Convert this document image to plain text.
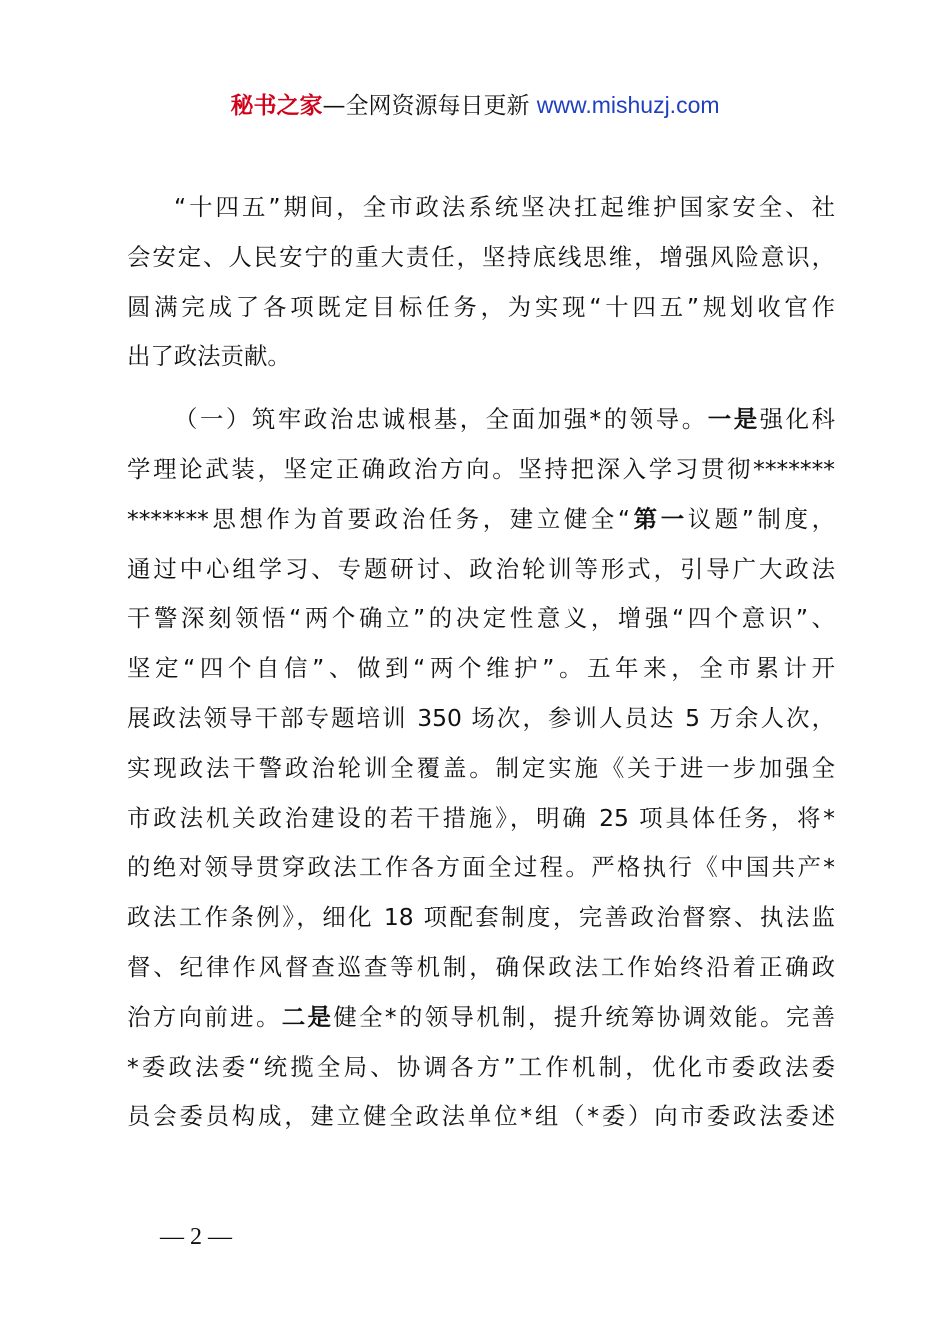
秘书之家—全网资源每日更新 www.mishuzj.com
“十四五”期间，全市政法系统坚决扛起维护国家安全、社
会安定、人民安宁的重大责任，坚持底线思维，增强风险意识，
圆满完成了各项既定目标任务，为实现“十四五”规划收官作
出了政法贡献。
（一）筑牢政治忠诚根基，全面加强*的领导。一是强化科
学理论武装，坚定正确政治方向。坚持把深入学习贯彻*******
*******思想作为首要政治任务，建立健全“第一议题”制度，
通过中心组学习、专题研讨、政治轮训等形式，引导广大政法
干警深刻领悟“两个确立”的决定性意义，增强“四个意识”、
坚定“四个自信”、做到“两个维护”。五年来，全市累计开
展政法领导干部专题培训 350 场次，参训人员达 5 万余人次，
实现政法干警政治轮训全覆盖。制定实施《关于进一步加强全
市政法机关政治建设的若干措施》，明确 25 项具体任务，将*
的绝对领导贯穿政法工作各方面全过程。严格执行《中国共产*
政法工作条例》，细化 18 项配套制度，完善政治督察、执法监
督、纪律作风督查巡查等机制，确保政法工作始终沿着正确政
治方向前进。二是健全*的领导机制，提升统筹协调效能。完善
*委政法委“统揽全局、协调各方”工作机制，优化市委政法委
员会委员构成，建立健全政法单位*组（*委）向市委政法委述
— 2 —
